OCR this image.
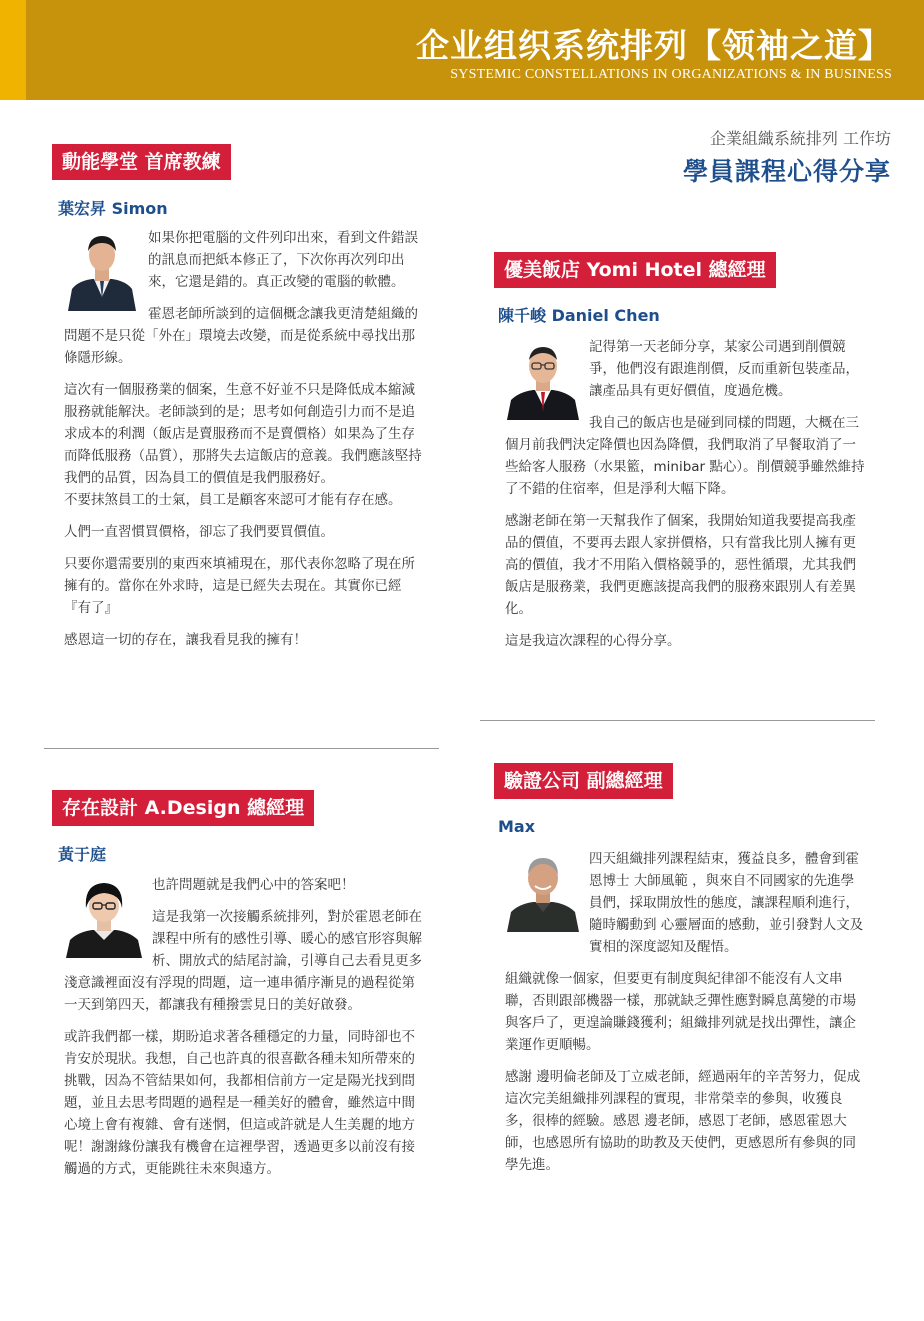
企业组织系统排列【领袖之道】
SYSTEMIC CONSTELLATIONS IN ORGANIZATIONS & IN BUSINESS
企業組織系統排列 工作坊
學員課程心得分享
動能學堂 首席教練
葉宏昇 Simon

如果你把電腦的文件列印出來，看到文件錯誤的訊息而把紙本修正了，下次你再次列印出來，它還是錯的。真正改變的電腦的軟體。

霍恩老師所談到的這個概念讓我更清楚組織的問題不是只從「外在」環境去改變，而是從系統中尋找出那條隱形線。

這次有一個服務業的個案，生意不好並不只是降低成本縮減服務就能解決。老師談到的是；思考如何創造引力而不是追求成本的利潤（飯店是賣服務而不是賣價格）如果為了生存而降低服務（品質），那將失去這飯店的意義。我們應該堅持我們的品質，因為員工的價值是我們服務好。

不要抹煞員工的士氣，員工是顧客來認可才能有存在感。

人們一直習慣買價格，卻忘了我們要買價值。

只要你還需要別的東西來填補現在，那代表你忽略了現在所擁有的。當你在外求時，這是已經失去現在。其實你已經『有了』

感恩這一切的存在，讓我看見我的擁有！

優美飯店 Yomi Hotel 總經理
陳千峻 Daniel Chen

記得第一天老師分享，某家公司遇到削價競爭，他們沒有跟進削價，反而重新包裝產品，讓產品具有更好價值，度過危機。

我自己的飯店也是碰到同樣的問題，大概在三個月前我們決定降價也因為降價，我們取消了早餐取消了一些給客人服務（水果籃，minibar 點心）。削價競爭雖然維持了不錯的住宿率，但是淨利大幅下降。

感謝老師在第一天幫我作了個案，我開始知道我要提高我產品的價值，不要再去跟人家拼價格，只有當我比別人擁有更高的價值，我才不用陷入價格競爭的，惡性循環，尤其我們飯店是服務業，我們更應該提高我們的服務來跟別人有差異化。

這是我這次課程的心得分享。

存在設計 A.Design 總經理
黃于庭

也許問題就是我們心中的答案吧！

這是我第一次接觸系統排列，對於霍恩老師在課程中所有的感性引導、暖心的感官形容與解析、開放式的結尾討論，引導自己去看見更多淺意識裡面沒有浮現的問題，這一連串循序漸見的過程從第一天到第四天，都讓我有種撥雲見日的美好啟發。

或許我們都一樣，期盼追求著各種穩定的力量，同時卻也不肯安於現狀。我想，自己也許真的很喜歡各種未知所帶來的挑戰，因為不管結果如何，我都相信前方一定是陽光找到問題，並且去思考問題的過程是一種美好的體會，雖然這中間心境上會有複雜、會有迷惘，但這或許就是人生美麗的地方呢！謝謝緣份讓我有機會在這裡學習，透過更多以前沒有接觸過的方式，更能跳往未來與遠方。

驗證公司 副總經理
Max

四天組織排列課程結束，獲益良多，體會到霍恩博士 大師風範 ，與來自不同國家的先進學員們，採取開放性的態度，讓課程順利進行，隨時觸動到 心靈層面的感動，並引發對人文及實相的深度認知及醒悟。

組織就像一個家，但要更有制度與紀律卻不能沒有人文串聯，否則跟部機器一樣，那就缺乏彈性應對瞬息萬變的市場與客戶了，更遑論賺錢獲利；組織排列就是找出彈性，讓企業運作更順暢。

感謝 邊明倫老師及丁立威老師，經過兩年的辛苦努力，促成這次完美組織排列課程的實現，非常榮幸的參與，收獲良多，很棒的經驗。感恩 邊老師，感恩丁老師，感恩霍恩大師，也感恩所有協助的助教及天使們，更感恩所有參與的同學先進。
